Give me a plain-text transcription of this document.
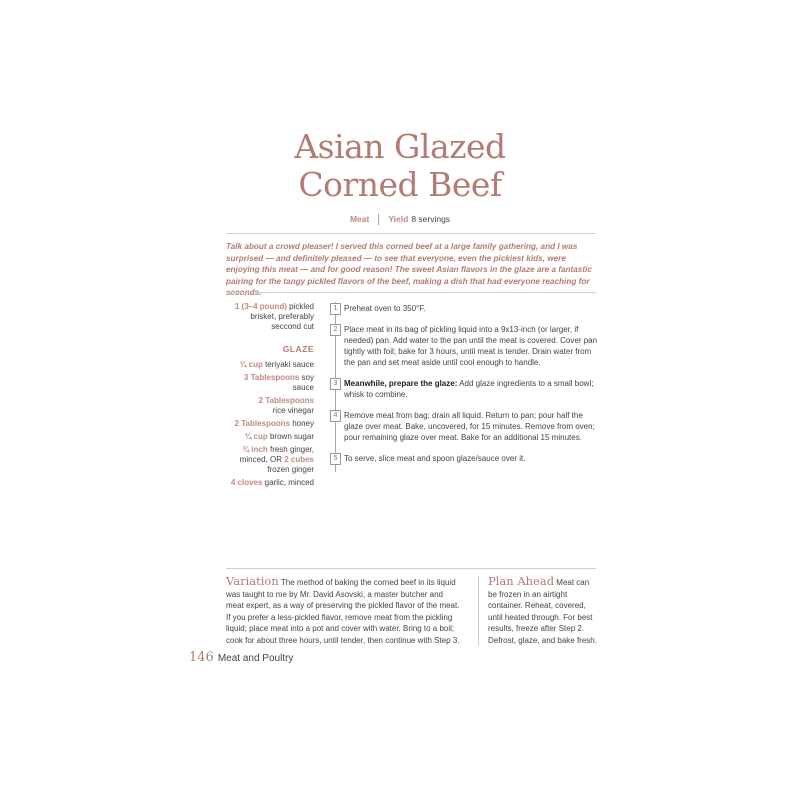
Asian Glazed
Corned Beef
Meat Yield 8 servings
Talk about a crowd pleaser! I served this corned beef at a large family gathering, and I was surprised — and definitely pleased — to see that everyone, even the pickiest kids, were enjoying this meat — and for good reason! The sweet Asian flavors in the glaze are a fantastic pairing for the tangy pickled flavors of the beef, making a dish that had everyone reaching for
1 (3–4 pound) pickled brisket, preferably seccond cut
GLAZE
¾ cup teriyaki sauce
3 Tablespoons soy sauce
2 Tablespoons
rice vinegar
2 Tablespoons honey
¾ cup brown sugar
¾ inch fresh ginger, minced, OR 2 cubes frozen ginger
4 cloves garlic, minced
1 Preheat oven to 350°F.
2 Place meat in its bag of pickling liquid into a 9x13-inch (or larger, if needed) pan. Add water to the pan until the meat is covered. Cover pan tightly with foil; bake for 3 hours, until meat is tender. Drain water from the pan and set meat aside until cool enough to handle.
3 Meanwhile, prepare the glaze: Add glaze ingredients to a small bowl; whisk to combine.
4 Remove meat from bag; drain all liquid. Return to pan; pour half the glaze over meat. Bake, uncovered, for 15 minutes. Remove from oven; pour remaining glaze over meat. Bake for an additional 15 minutes.
5 To serve, slice meat and spoon glaze/sauce over it.
Variation The method of baking the corned beef in its liquid was taught to me by Mr. David Asovski, a master butcher and meat expert, as a way of preserving the pickled flavor of the meat. If you prefer a less-pickled flavor, remove meat from the pickling liquid; place meat into a pot and cover with water. Bring to a boil; cook for about three hours, until tender, then continue with Step 3.
Plan Ahead Meat can be frozen in an airtight container. Reheat, covered, until heated through. For best results, freeze after Step 2. Defrost, glaze, and bake fresh.
146 Meat and Poultry
